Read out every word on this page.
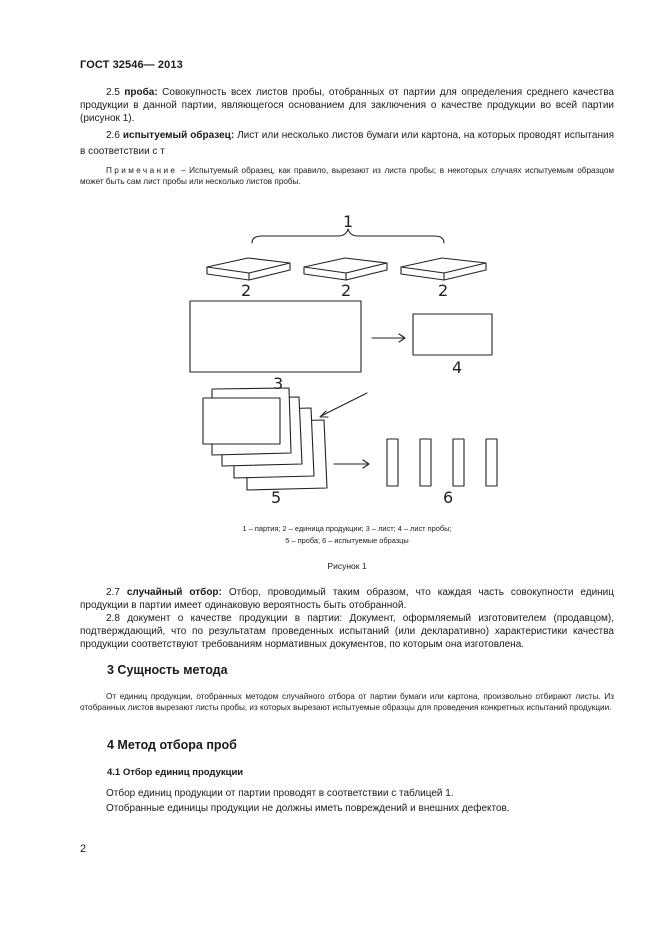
ГОСТ 32546— 2013
2.5 проба: Совокупность всех листов пробы, отобранных от партии для определения среднего качества продукции в данной партии, являющегося основанием для заключения о качестве продукции во всей партии (рисунок 1).
2.6 испытуемый образец: Лист или несколько листов бумаги или картона, на которых проводят испытания в соответствии с т
Примечание – Испытуемый образец, как правило, вырезают из листа пробы; в некоторых случаях испытуемым образцом может быть сам лист пробы или несколько листов пробы.
1
2	2	2
3
4
5	6
1 – партия; 2 – единица продукции; 3 – лист; 4 – лист пробы;
5 – проба; 6 – испытуемые образцы
Рисунок 1
2.7 случайный отбор: Отбор, проводимый таким образом, что каждая часть совокупности единиц продукции в партии имеет одинаковую вероятность быть отобранной.
2.8 документ о качестве продукции в партии: Документ, оформляемый изготовителем (продавцом), подтверждающий, что по результатам проведенных испытаний (или декларативно) характеристики качества продукции соответствуют требованиям нормативных документов, по которым она изготовлена.
3 Сущность метода
От единиц продукции, отобранных методом случайного отбора от партии бумаги или картона, произвольно отбирают листы. Из отобранных листов вырезают листы пробы, из которых вырезают испытуемые образцы для проведения конкретных испытаний продукции.
4 Метод отбора проб
4.1 Отбор единиц продукции
Отбор единиц продукции от партии проводят в соответствии с таблицей 1.
Отобранные единицы продукции не должны иметь повреждений и внешних дефектов.
2
